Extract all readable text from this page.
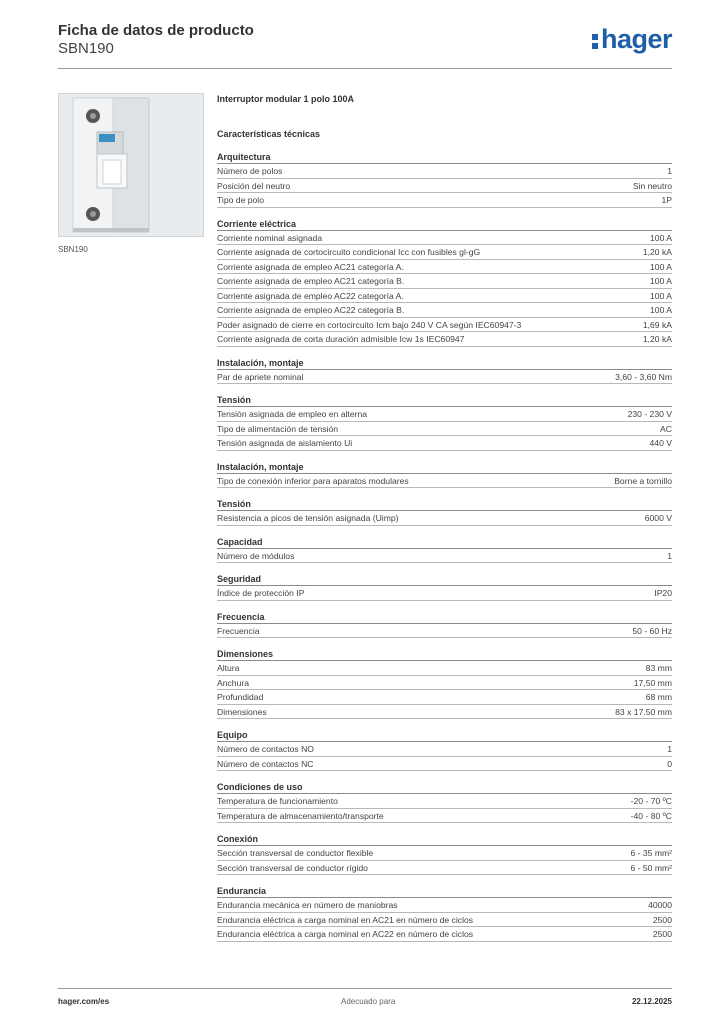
Ficha de datos de producto
SBN190	hager
SBN190
Interruptor modular 1 polo 100A
Características técnicas
Arquitectura
Número de polos	1
Posición del neutro	Sin neutro
Tipo de polo	1P
Corriente eléctrica
Corriente nominal asignada	100 A
Corriente asignada de cortocircuito condicional Icc con fusibles gl-gG	1,20 kA
Corriente asignada de empleo AC21 categoría A.	100 A
Corriente asignada de empleo AC21 categoría B.	100 A
Corriente asignada de empleo AC22 categoría A.	100 A
Corriente asignada de empleo AC22 categoría B.	100 A
Poder asignado de cierre en cortocircuito Icm bajo 240 V CA según IEC60947-3	1,69 kA
Corriente asignada de corta duración admisible Icw 1s IEC60947	1,20 kA
Instalación, montaje
Par de apriete nominal	3,60 - 3,60 Nm
Tensión
Tensión asignada de empleo en alterna	230 - 230 V
Tipo de alimentación de tensión	AC
Tensión asignada de aislamiento Ui	440 V
Instalación, montaje
Tipo de conexión inferior para aparatos modulares	Borne a tornillo
Tensión
Resistencia a picos de tensión asignada (Uimp)	6000 V
Capacidad
Número de módulos	1
Seguridad
Índice de protección IP	IP20
Frecuencia
Frecuencia	50 - 60 Hz
Dimensiones
Altura	83 mm
Anchura	17,50 mm
Profundidad	68 mm
Dimensiones	83 x 17.50 mm
Equipo
Número de contactos NO	1
Número de contactos NC	0
Condiciones de uso
Temperatura de funcionamiento	-20 - 70 ºC
Temperatura de almacenamiento/transporte	-40 - 80 ºC
Conexión
Sección transversal de conductor flexible	6 - 35 mm²
Sección transversal de conductor rígido	6 - 50 mm²
Endurancia
Endurancia mecánica en número de maniobras	40000
Endurancia eléctrica a carga nominal en AC21 en número de ciclos	2500
Endurancia eléctrica a carga nominal en AC22 en número de ciclos	2500
hager.com/es	Adecuado para	22.12.2025
